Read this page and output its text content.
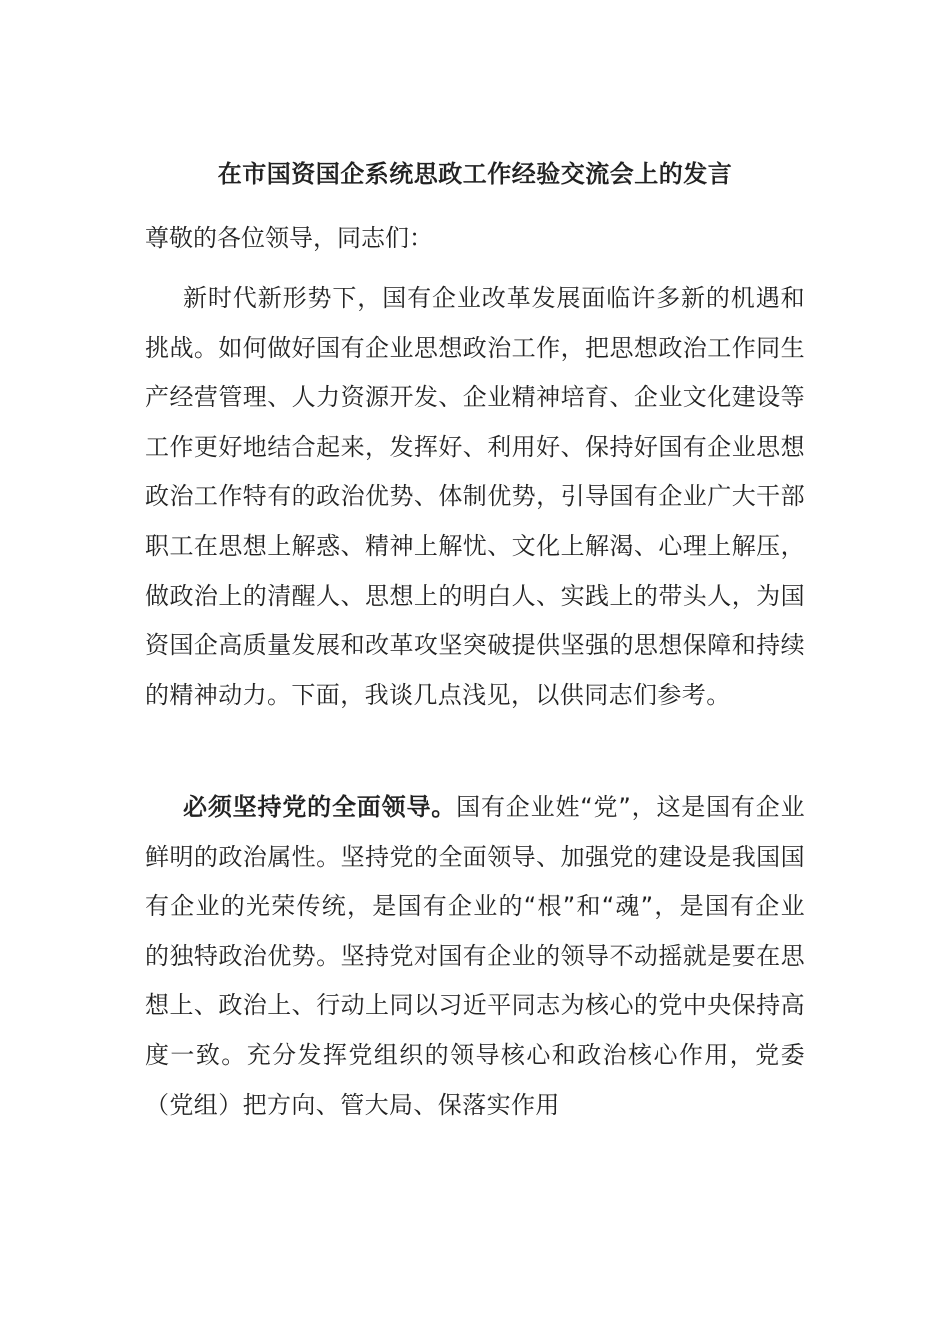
在市国资国企系统思政工作经验交流会上的发言
尊敬的各位领导，同志们：
新时代新形势下，国有企业改革发展面临许多新的机遇和挑战。如何做好国有企业思想政治工作，把思想政治工作同生产经营管理、人力资源开发、企业精神培育、企业文化建设等工作更好地结合起来，发挥好、利用好、保持好国有企业思想政治工作特有的政治优势、体制优势，引导国有企业广大干部职工在思想上解惑、精神上解忧、文化上解渴、心理上解压，做政治上的清醒人、思想上的明白人、实践上的带头人，为国资国企高质量发展和改革攻坚突破提供坚强的思想保障和持续的精神动力。下面，我谈几点浅见，以供同志们参考。
必须坚持党的全面领导。国有企业姓“党”，这是国有企业鲜明的政治属性。坚持党的全面领导、加强党的建设是我国国有企业的光荣传统，是国有企业的“根”和“魂”，是国有企业的独特政治优势。坚持党对国有企业的领导不动摇就是要在思想上、政治上、行动上同以习近平同志为核心的党中央保持高度一致。充分发挥党组织的领导核心和政治核心作用，党委（党组）把方向、管大局、保落实作用
